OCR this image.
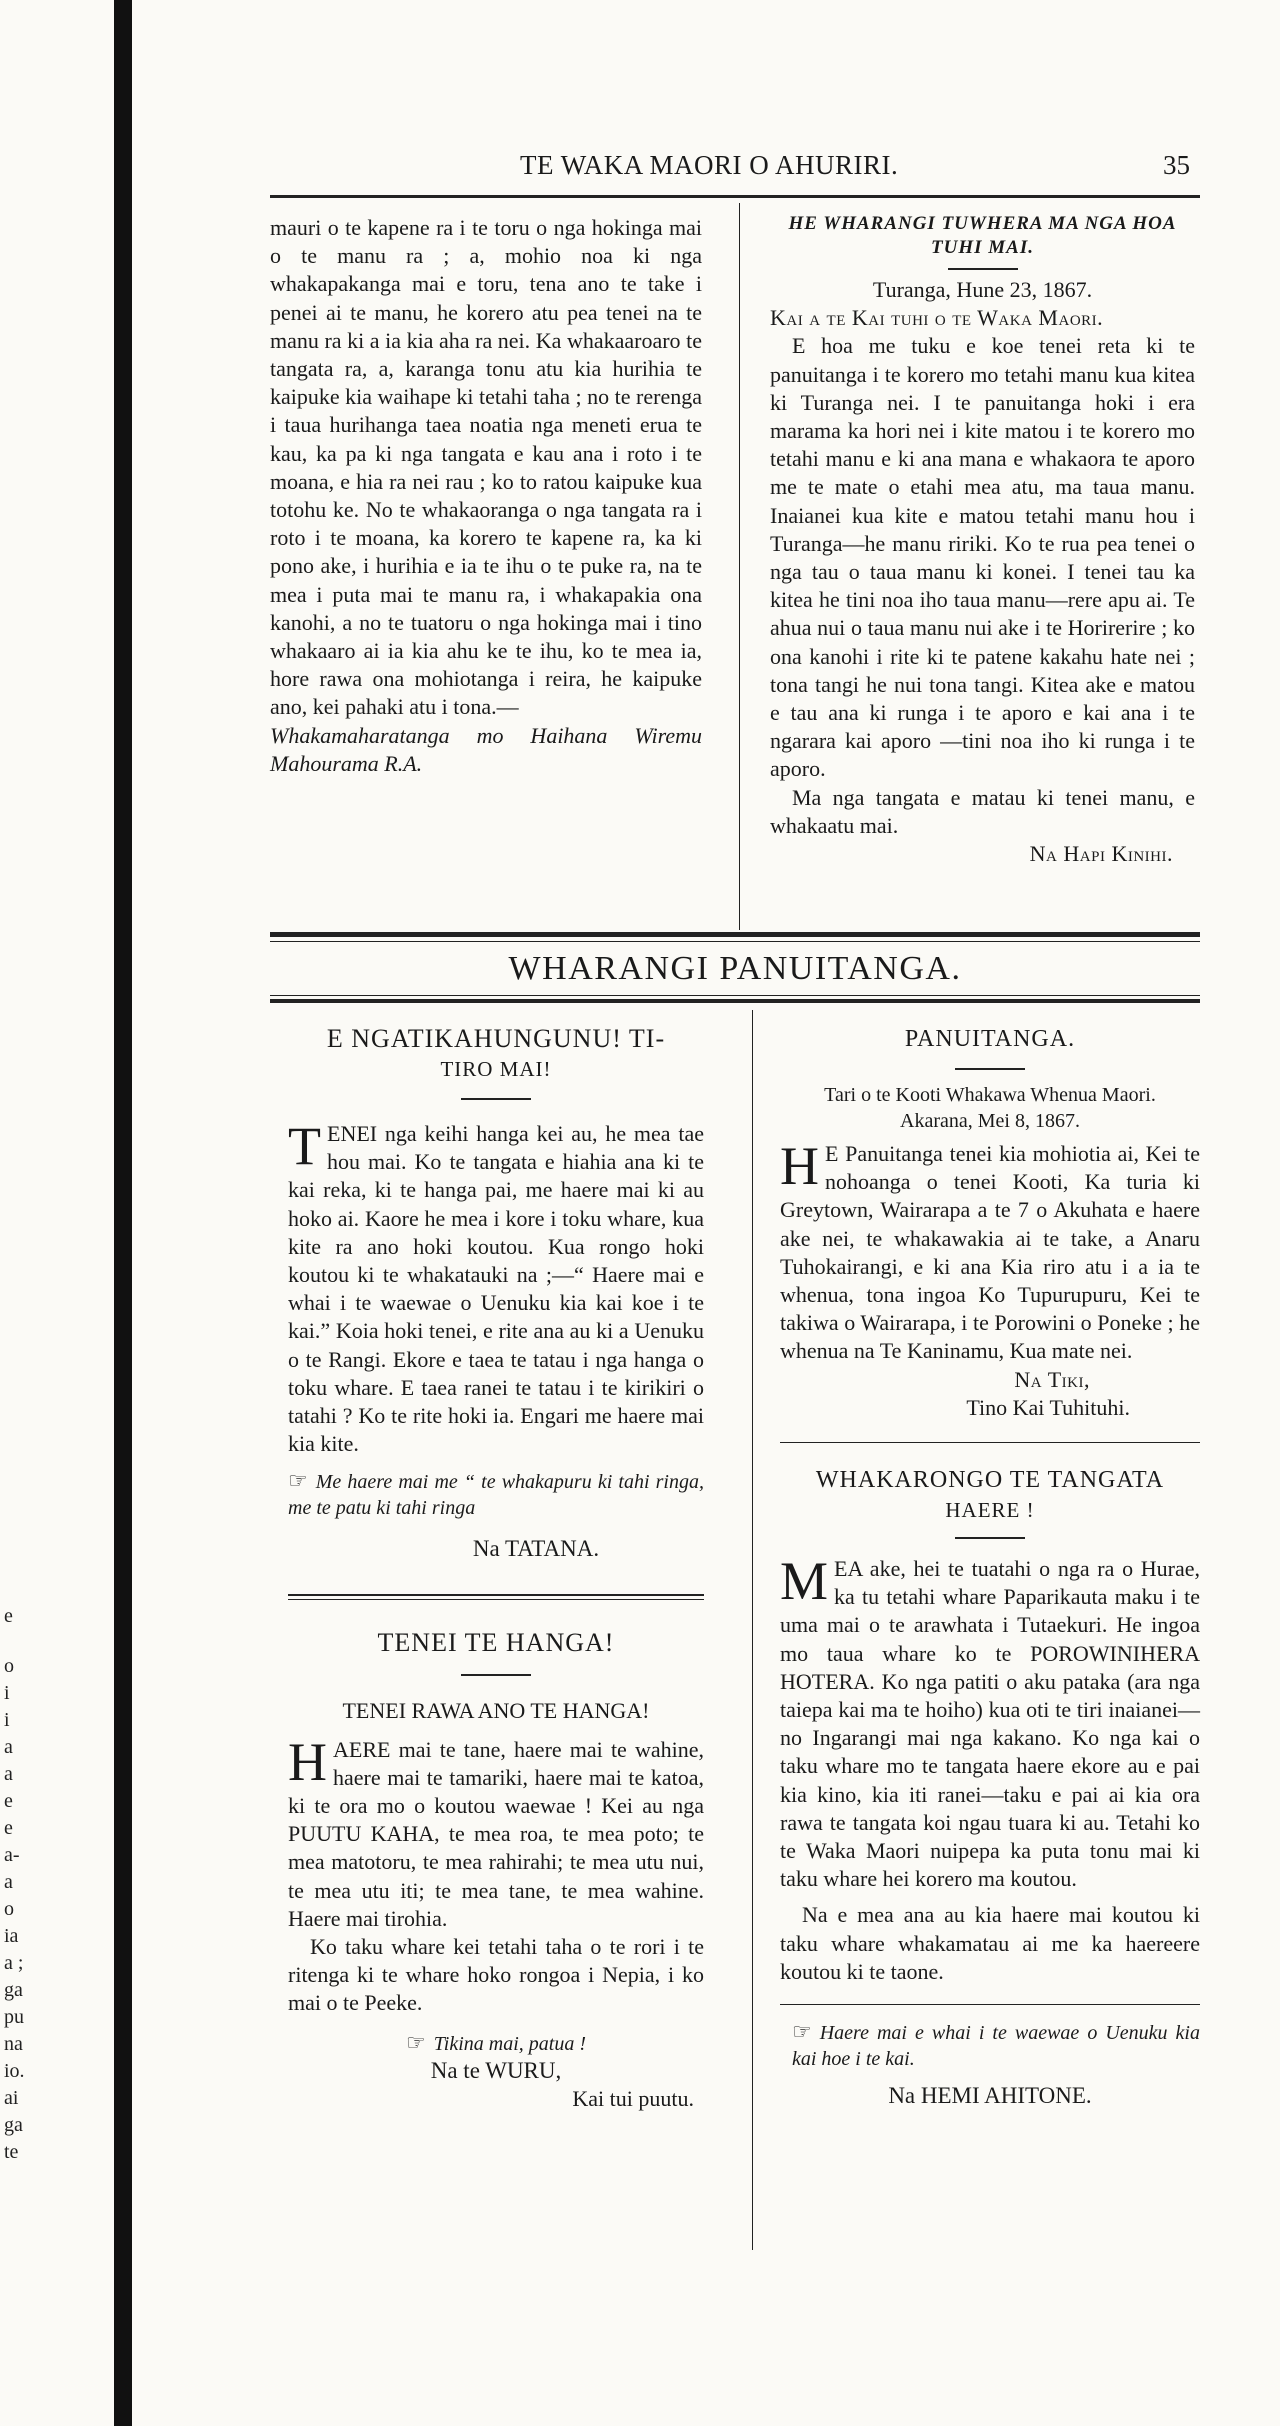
e
o
i
i
a
a
e
e
a-
a
o
ia
a ;
ga
pu
na
io.
ai
ga
te
TE WAKA MAORI O AHURIRI.	35

mauri o te kapene ra i te toru o nga hokinga mai o te manu ra ; a, mohio noa ki nga whakapakanga mai e toru, tena ano te take i penei ai te manu, he korero atu pea tenei na te manu ra ki a ia kia aha ra nei. Ka whakaaroaro te tangata ra, a, karanga tonu atu kia hurihia te kaipuke kia waihape ki tetahi taha ; no te rerenga i taua hurihanga taea noatia nga meneti erua te kau, ka pa ki nga tangata e kau ana i roto i te moana, e hia ra nei rau ; ko to ratou kaipuke kua totohu ke. No te whakaoranga o nga tangata ra i roto i te moana, ka korero te kapene ra, ka ki pono ake, i hurihia e ia te ihu o te puke ra, na te mea i puta mai te manu ra, i whakapakia ona kanohi, a no te tuatoru o nga hokinga mai i tino whakaaro ai ia kia ahu ke te ihu, ko te mea ia, hore rawa ona mohiotanga i reira, he kaipuke ano, kei pahaki atu i tona.—

Whakamaharatanga mo Haihana Wiremu Mahourama R.A.

HE WHARANGI TUWHERA MA NGA HOA TUHI MAI.

Turanga, Hune 23, 1867.

Kai a te Kai tuhi o te Waka Maori.

E hoa me tuku e koe tenei reta ki te panuitanga i te korero mo tetahi manu kua kitea ki Turanga nei. I te panuitanga hoki i era marama ka hori nei i kite matou i te korero mo tetahi manu e ki ana mana e whakaora te aporo me te mate o etahi mea atu, ma taua manu. Inaianei kua kite e matou tetahi manu hou i Turanga—he manu ririki. Ko te rua pea tenei o nga tau o taua manu ki konei. I tenei tau ka kitea he tini noa iho taua manu—rere apu ai. Te ahua nui o taua manu nui ake i te Horirerire ; ko ona kanohi i rite ki te patene kakahu hate nei ; tona tangi he nui tona tangi. Kitea ake e matou e tau ana ki runga i te aporo e kai ana i te ngarara kai aporo —tini noa iho ki runga i te aporo.

Ma nga tangata e matau ki tenei manu, e whakaatu mai.

Na Hapi Kinihi.

WHARANGI PANUITANGA.
E NGATIKAHUNGUNU! TI-
TIRO MAI!

TENEI nga keihi hanga kei au, he mea tae hou mai. Ko te tangata e hiahia ana ki te kai reka, ki te hanga pai, me haere mai ki au hoko ai. Kaore he mea i kore i toku whare, kua kite ra ano hoki koutou. Kua rongo hoki koutou ki te whakatauki na ;—“ Haere mai e whai i te waewae o Uenuku kia kai koe i te kai.” Koia hoki tenei, e rite ana au ki a Uenuku o te Rangi. Ekore e taea te tatau i nga hanga o toku whare. E taea ranei te tatau i te kirikiri o tatahi ? Ko te rite hoki ia. Engari me haere mai kia kite.

☞ Me haere mai me “ te whakapuru ki tahi ringa, me te patu ki tahi ringa

Na TATANA.

TENEI TE HANGA!
TENEI RAWA ANO TE HANGA!

HAERE mai te tane, haere mai te wahine, haere mai te tamariki, haere mai te katoa, ki te ora mo o koutou waewae ! Kei au nga PUUTU KAHA, te mea roa, te mea poto; te mea matotoru, te mea rahirahi; te mea utu nui, te mea utu iti; te mea tane, te mea wahine. Haere mai tirohia.

Ko taku whare kei tetahi taha o te rori i te ritenga ki te whare hoko rongoa i Nepia, i ko mai o te Peeke.

☞ Tikina mai, patua !

Na te WURU,

Kai tui puutu.

PANUITANGA.

Tari o te Kooti Whakawa Whenua Maori.

Akarana, Mei 8, 1867.

H E Panuitanga tenei kia mohiotia ai, Kei te nohoanga o tenei Kooti, Ka turia ki Greytown, Wairarapa a te 7 o Akuhata e haere ake nei, te whakawakia ai te take, a Anaru Tuhokairangi, e ki ana Kia riro atu i a ia te whenua, tona ingoa Ko Tupurupuru, Kei te takiwa o Wairarapa, i te Porowini o Poneke ; he whenua na Te Kaninamu, Kua mate nei.

Na Tiki,

Tino Kai Tuhituhi.

WHAKARONGO TE TANGATA
HAERE !

MEA ake, hei te tuatahi o nga ra o Hurae, ka tu tetahi whare Paparikauta maku i te uma mai o te arawhata i Tutaekuri. He ingoa mo taua whare ko te POROWINIHERA HOTERA. Ko nga patiti o aku pataka (ara nga taiepa kai ma te hoiho) kua oti te tiri inaianei—no Ingarangi mai nga kakano. Ko nga kai o taku whare mo te tangata haere ekore au e pai kia kino, kia iti ranei—taku e pai ai kia ora rawa te tangata koi ngau tuara ki au. Tetahi ko te Waka Maori nuipepa ka puta tonu mai ki taku whare hei korero ma koutou.

Na e mea ana au kia haere mai koutou ki taku whare whakamatau ai me ka haereere koutou ki te taone.

☞ Haere mai e whai i te waewae o Uenuku kia kai hoe i te kai.

Na HEMI AHITONE.
